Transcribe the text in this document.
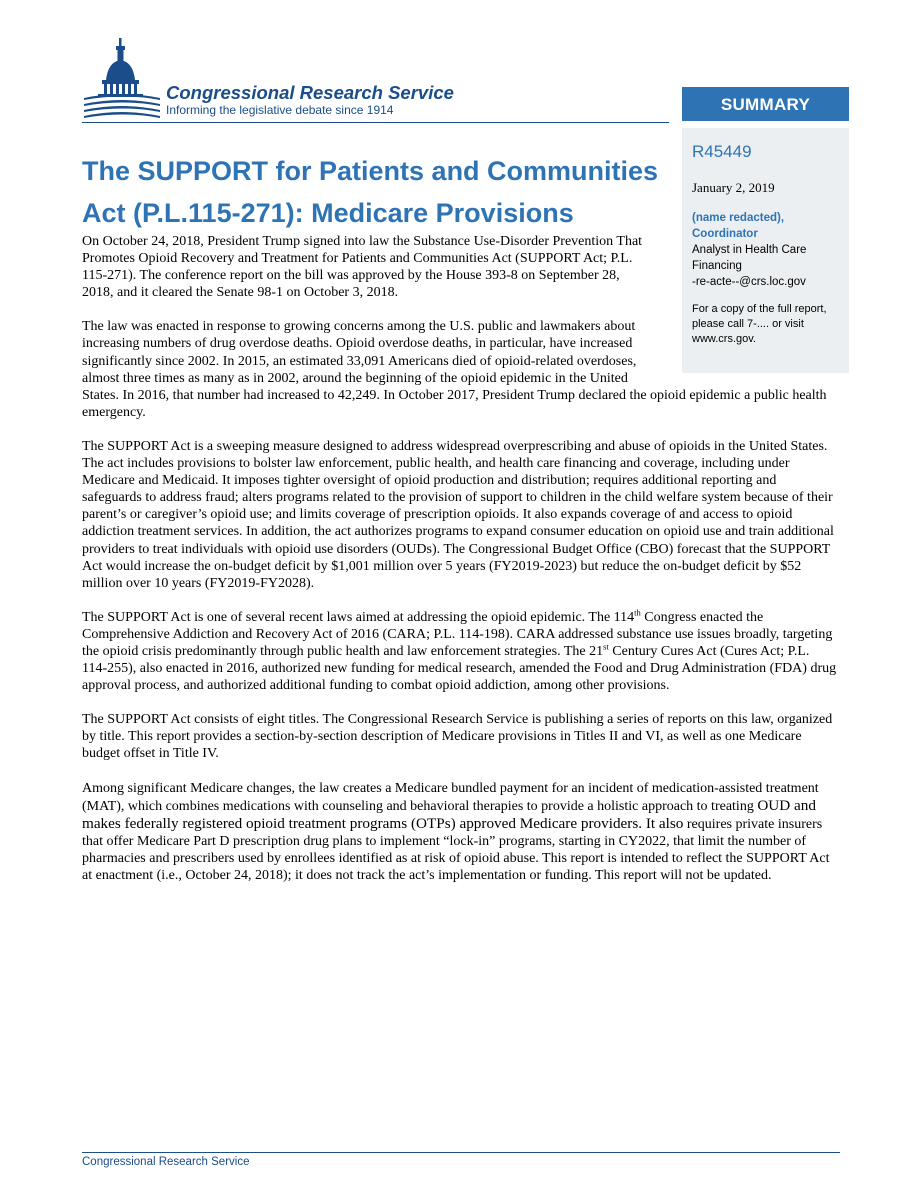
Congressional Research Service
Informing the legislative debate since 1914	SUMMARY
R45449
January 2, 2019
(name redacted),
Coordinator
Analyst in Health Care Financing
-re-acte--@crs.loc.gov
For a copy of the full report, please call 7-.... or visit www.crs.gov.
The SUPPORT for Patients and Communities Act (P.L.115-271): Medicare Provisions

On October 24, 2018, President Trump signed into law the Substance Use-Disorder Prevention That Promotes Opioid Recovery and Treatment for Patients and Communities Act (SUPPORT Act; P.L. 115-271). The conference report on the bill was approved by the House 393-8 on September 28, 2018, and it cleared the Senate 98-1 on October 3, 2018.

The law was enacted in response to growing concerns among the U.S. public and lawmakers about increasing numbers of drug overdose deaths. Opioid overdose deaths, in particular, have increased significantly since 2002. In 2015, an estimated 33,091 Americans died of opioid-related overdoses, almost three times as many as in 2002, around the beginning of the opioid epidemic in the United States. In 2016, that number had increased to 42,249. In October 2017, President Trump declared the opioid epidemic a public health emergency.

The SUPPORT Act is a sweeping measure designed to address widespread overprescribing and abuse of opioids in the United States. The act includes provisions to bolster law enforcement, public health, and health care financing and coverage, including under Medicare and Medicaid. It imposes tighter oversight of opioid production and distribution; requires additional reporting and safeguards to address fraud; alters programs related to the provision of support to children in the child welfare system because of their parent’s or caregiver’s opioid use; and limits coverage of prescription opioids. It also expands coverage of and access to opioid addiction treatment services. In addition, the act authorizes programs to expand consumer education on opioid use and train additional providers to treat individuals with opioid use disorders (OUDs). The Congressional Budget Office (CBO) forecast that the SUPPORT Act would increase the on-budget deficit by $1,001 million over 5 years (FY2019-2023) but reduce the on-budget deficit by $52 million over 10 years (FY2019-FY2028).

The SUPPORT Act is one of several recent laws aimed at addressing the opioid epidemic. The 114th Congress enacted the Comprehensive Addiction and Recovery Act of 2016 (CARA; P.L. 114-198). CARA addressed substance use issues broadly, targeting the opioid crisis predominantly through public health and law enforcement strategies. The 21st Century Cures Act (Cures Act; P.L. 114-255), also enacted in 2016, authorized new funding for medical research, amended the Food and Drug Administration (FDA) drug approval process, and authorized additional funding to combat opioid addiction, among other provisions.

The SUPPORT Act consists of eight titles. The Congressional Research Service is publishing a series of reports on this law, organized by title. This report provides a section-by-section description of Medicare provisions in Titles II and VI, as well as one Medicare budget offset in Title IV.

Among significant Medicare changes, the law creates a Medicare bundled payment for an incident of medication-assisted treatment (MAT), which combines medications with counseling and behavioral therapies to provide a holistic approach to treating OUD and makes federally registered opioid treatment programs (OTPs) approved Medicare providers. It also requires private insurers that offer Medicare Part D prescription drug plans to implement “lock-in” programs, starting in CY2022, that limit the number of pharmacies and prescribers used by enrollees identified as at risk of opioid abuse. This report is intended to reflect the SUPPORT Act at enactment (i.e., October 24, 2018); it does not track the act’s implementation or funding. This report will not be updated.

Congressional Research Service
